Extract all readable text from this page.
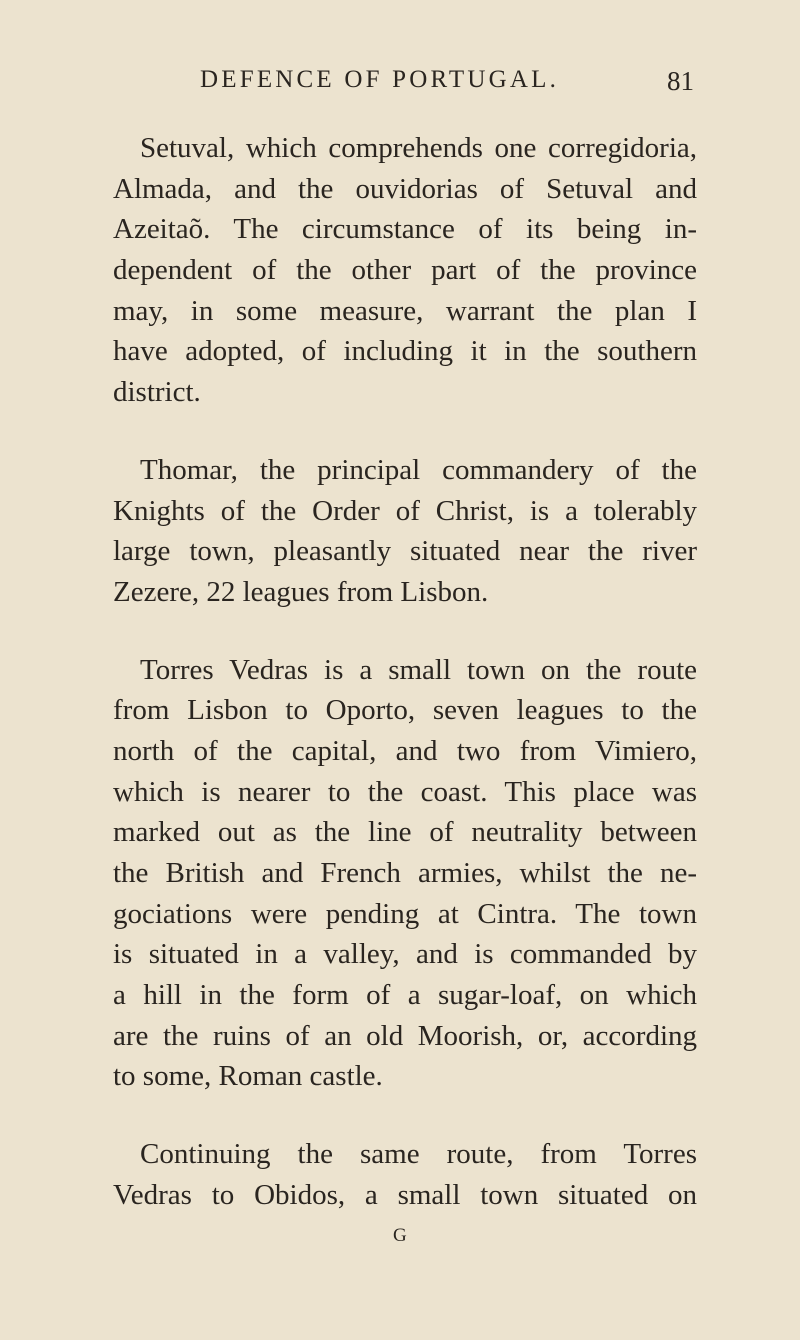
DEFENCE OF PORTUGAL.	81
Setuval, which comprehends one corregidoria,
Almada, and the ouvidorias of Setuval and
Azeitaõ. The circumstance of its being in-
dependent of the other part of the province
may, in some measure, warrant the plan I
have adopted, of including it in the southern
district.
Thomar, the principal commandery of the
Knights of the Order of Christ, is a tolerably
large town, pleasantly situated near the river
Zezere, 22 leagues from Lisbon.
Torres Vedras is a small town on the route
from Lisbon to Oporto, seven leagues to the
north of the capital, and two from Vimiero,
which is nearer to the coast. This place was
marked out as the line of neutrality between
the British and French armies, whilst the ne-
gociations were pending at Cintra. The town
is situated in a valley, and is commanded by
a hill in the form of a sugar-loaf, on which
are the ruins of an old Moorish, or, according
to some, Roman castle.
Continuing the same route, from Torres
Vedras to Obidos, a small town situated on
G
